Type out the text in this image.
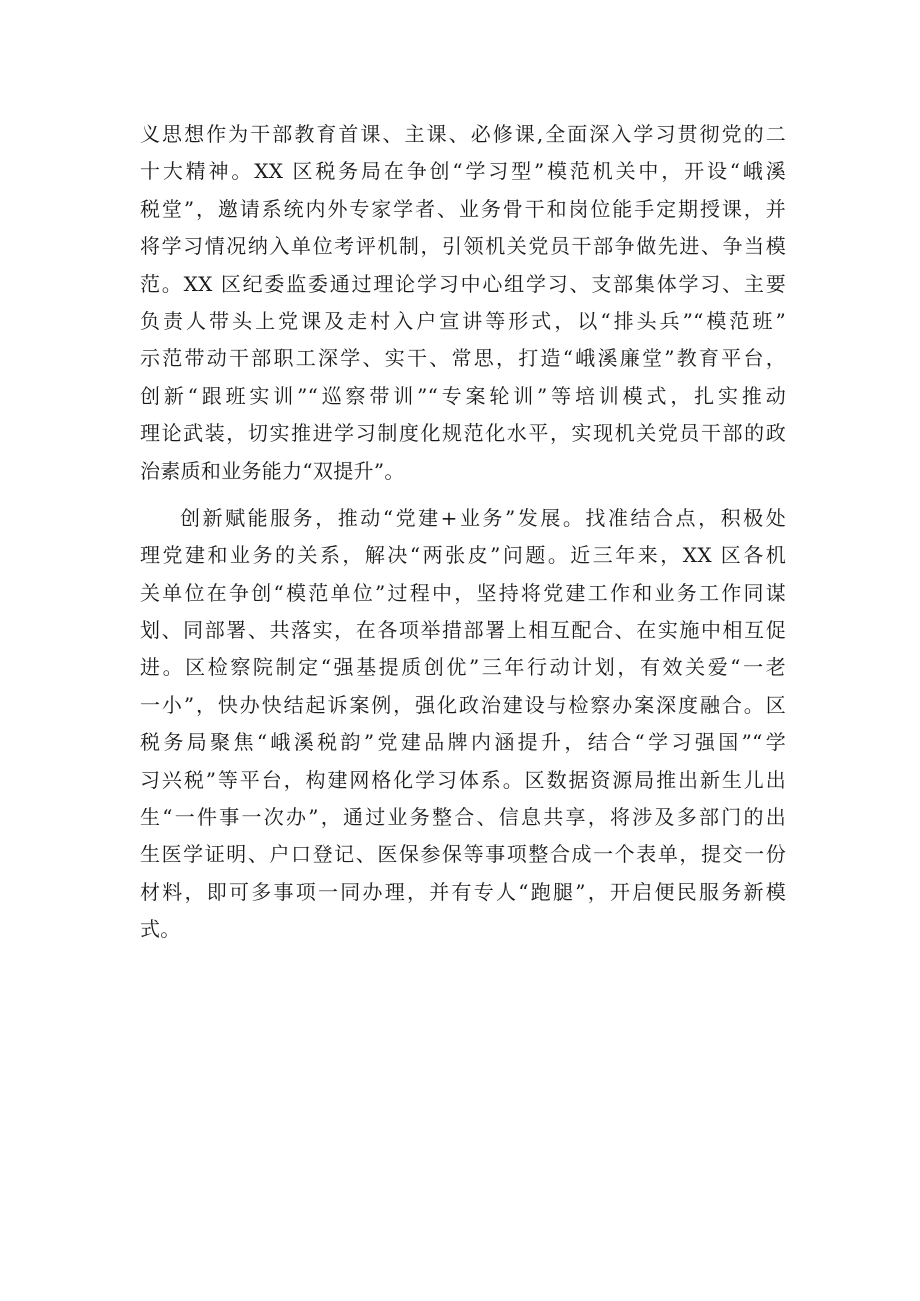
义思想作为干部教育首课、主课、必修课,全面深入学习贯彻党的二
十大精神。XX 区税务局在争创“学习型”模范机关中，开设“峨溪
税堂”，邀请系统内外专家学者、业务骨干和岗位能手定期授课，并
将学习情况纳入单位考评机制，引领机关党员干部争做先进、争当模
范。XX 区纪委监委通过理论学习中心组学习、支部集体学习、主要
负责人带头上党课及走村入户宣讲等形式，以“排头兵”“模范班”
示范带动干部职工深学、实干、常思，打造“峨溪廉堂”教育平台，
创新“跟班实训”“巡察带训”“专案轮训”等培训模式，扎实推动
理论武装，切实推进学习制度化规范化水平，实现机关党员干部的政
治素质和业务能力“双提升”。
创新赋能服务，推动“党建+业务”发展。找准结合点，积极处
理党建和业务的关系，解决“两张皮”问题。近三年来，XX 区各机
关单位在争创“模范单位”过程中，坚持将党建工作和业务工作同谋
划、同部署、共落实，在各项举措部署上相互配合、在实施中相互促
进。区检察院制定“强基提质创优”三年行动计划，有效关爱“一老
一小”，快办快结起诉案例，强化政治建设与检察办案深度融合。区
税务局聚焦“峨溪税韵”党建品牌内涵提升，结合“学习强国”“学
习兴税”等平台，构建网格化学习体系。区数据资源局推出新生儿出
生“一件事一次办”，通过业务整合、信息共享，将涉及多部门的出
生医学证明、户口登记、医保参保等事项整合成一个表单，提交一份
材料，即可多事项一同办理，并有专人“跑腿”，开启便民服务新模
式。
